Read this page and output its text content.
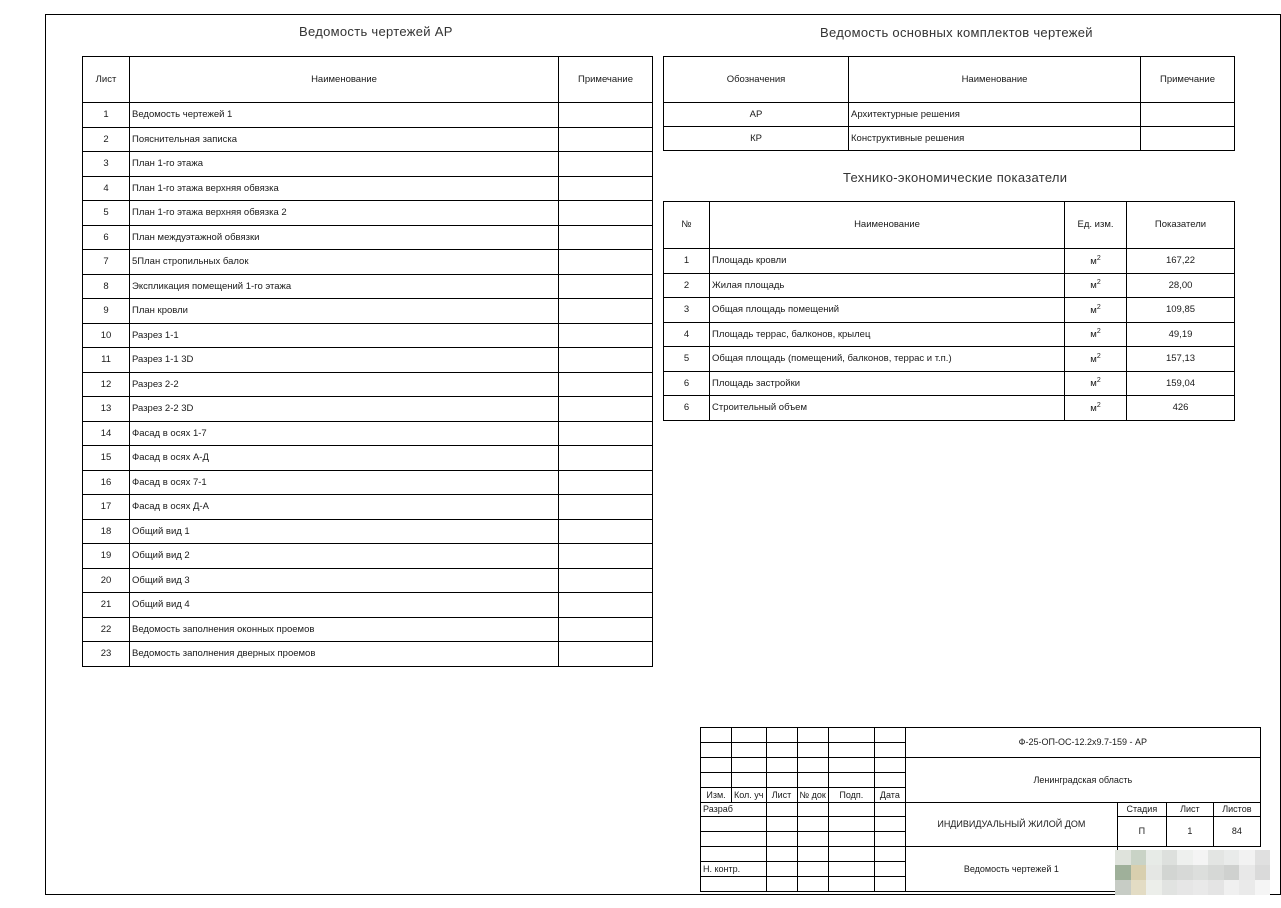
Ведомость чертежей АР
Лист	Наименование	Примечание
1	Ведомость чертежей 1	
2	Пояснительная записка	
3	План 1-го этажа	
4	План 1-го этажа верхняя обвязка	
5	План 1-го этажа верхняя обвязка 2	
6	План междуэтажной обвязки	
7	5План стропильных балок	
8	Экспликация помещений 1-го этажа	
9	План кровли	
10	Разрез 1-1	
11	Разрез 1-1 3D	
12	Разрез 2-2	
13	Разрез 2-2 3D	
14	Фасад в осях 1-7	
15	Фасад в осях А-Д	
16	Фасад в осях 7-1	
17	Фасад в осях Д-А	
18	Общий вид 1	
19	Общий вид 2	
20	Общий вид 3	
21	Общий вид 4	
22	Ведомость заполнения оконных проемов	
23	Ведомость заполнения дверных проемов	
Ведомость основных комплектов чертежей
Обозначения	Наименование	Примечание
АР	Архитектурные решения	
КР	Конструктивные решения	
Технико-экономические показатели
№	Наименование	Ед. изм.	Показатели
1	Площадь кровли	$м^2$	167,22
2	Жилая площадь	$м^2$	28,00
3	Общая площадь помещений	$м^2$	109,85
4	Площадь террас, балконов, крылец	$м^2$	49,19
5	Общая площадь (помещений, балконов, террас и т.п.)	$м^2$	157,13
6	Площадь застройки	$м^2$	159,04
6	Строительный объем	$м^2$	426
						Ф-25-ОП-ОС-12.2х9.7-159 - АР			

						Ленинградская область			

Изм.	Кол. уч	Лист	№ док	Подп.	Дата				
Разраб						ИНДИВИДУАЛЬНЫЙ ЖИЛОЙ ДОМ	Стадия	Лист	Листов
							П	1	84

						Ведомость чертежей 1			
Н. контр.									
